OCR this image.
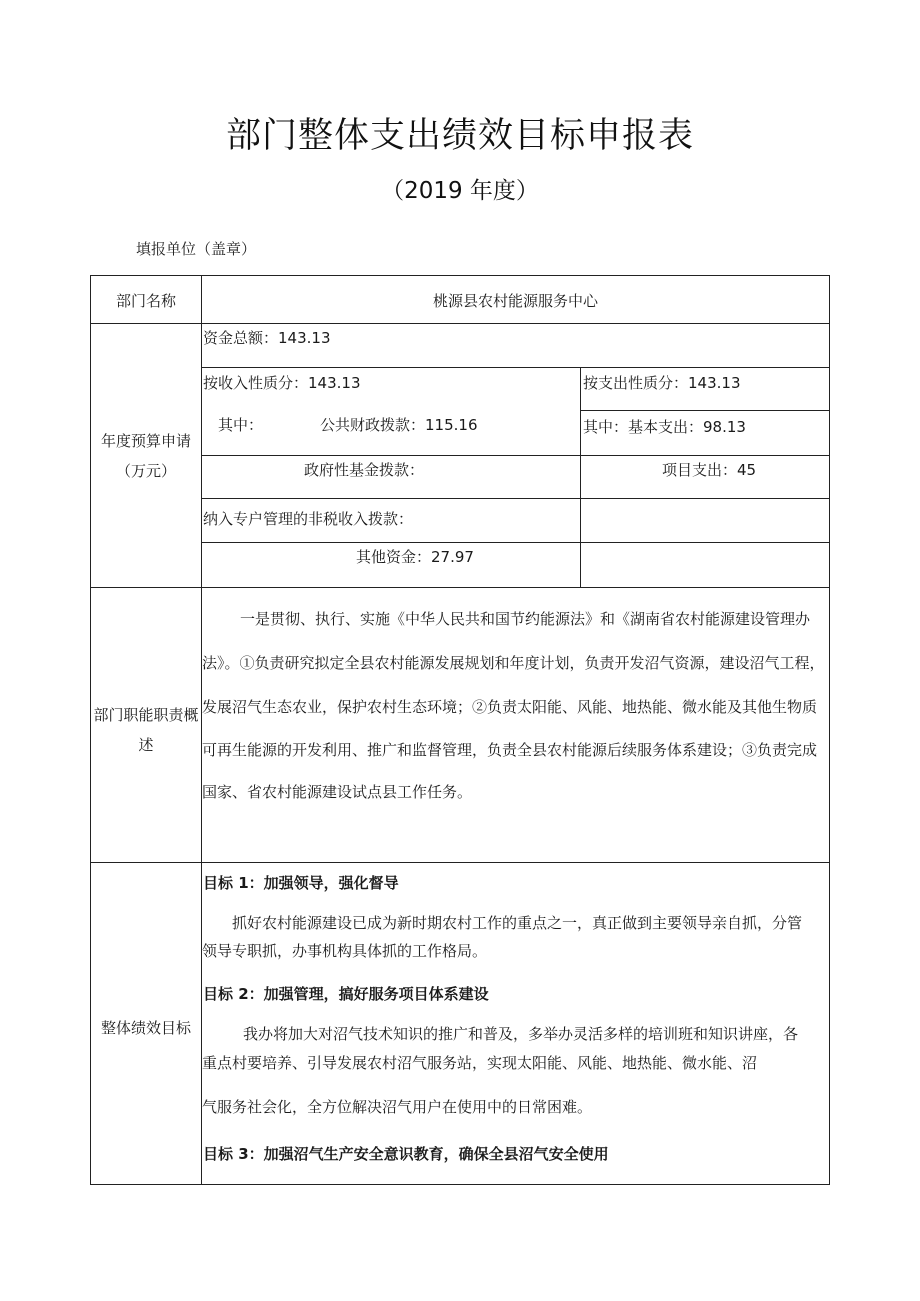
部门整体支出绩效目标申报表
（2019 年度）
填报单位（盖章）
部门名称	桃源县农村能源服务中心
年度预算申请
（万元）
资金总额：143.13
按收入性质分：143.13	按支出性质分：143.13
其中：	公共财政拨款：115.16	其中：基本支出：98.13
政府性基金拨款：	项目支出：45
纳入专户管理的非税收入拨款：
其他资金：27.97
部门职能职责概
述
一是贯彻、执行、实施《中华人民共和国节约能源法》和《湖南省农村能源建设管理办
法》。①负责研究拟定全县农村能源发展规划和年度计划，负责开发沼气资源，建设沼气工程，
发展沼气生态农业，保护农村生态环境；②负责太阳能、风能、地热能、微水能及其他生物质
可再生能源的开发利用、推广和监督管理，负责全县农村能源后续服务体系建设；③负责完成
国家、省农村能源建设试点县工作任务。
整体绩效目标
目标 1：加强领导，强化督导
抓好农村能源建设已成为新时期农村工作的重点之一，真正做到主要领导亲自抓，分管
领导专职抓，办事机构具体抓的工作格局。
目标 2：加强管理，搞好服务项目体系建设
我办将加大对沼气技术知识的推广和普及，多举办灵活多样的培训班和知识讲座，各
重点村要培养、引导发展农村沼气服务站，实现太阳能、风能、地热能、微水能、沼
气服务社会化，全方位解决沼气用户在使用中的日常困难。
目标 3：加强沼气生产安全意识教育，确保全县沼气安全使用
